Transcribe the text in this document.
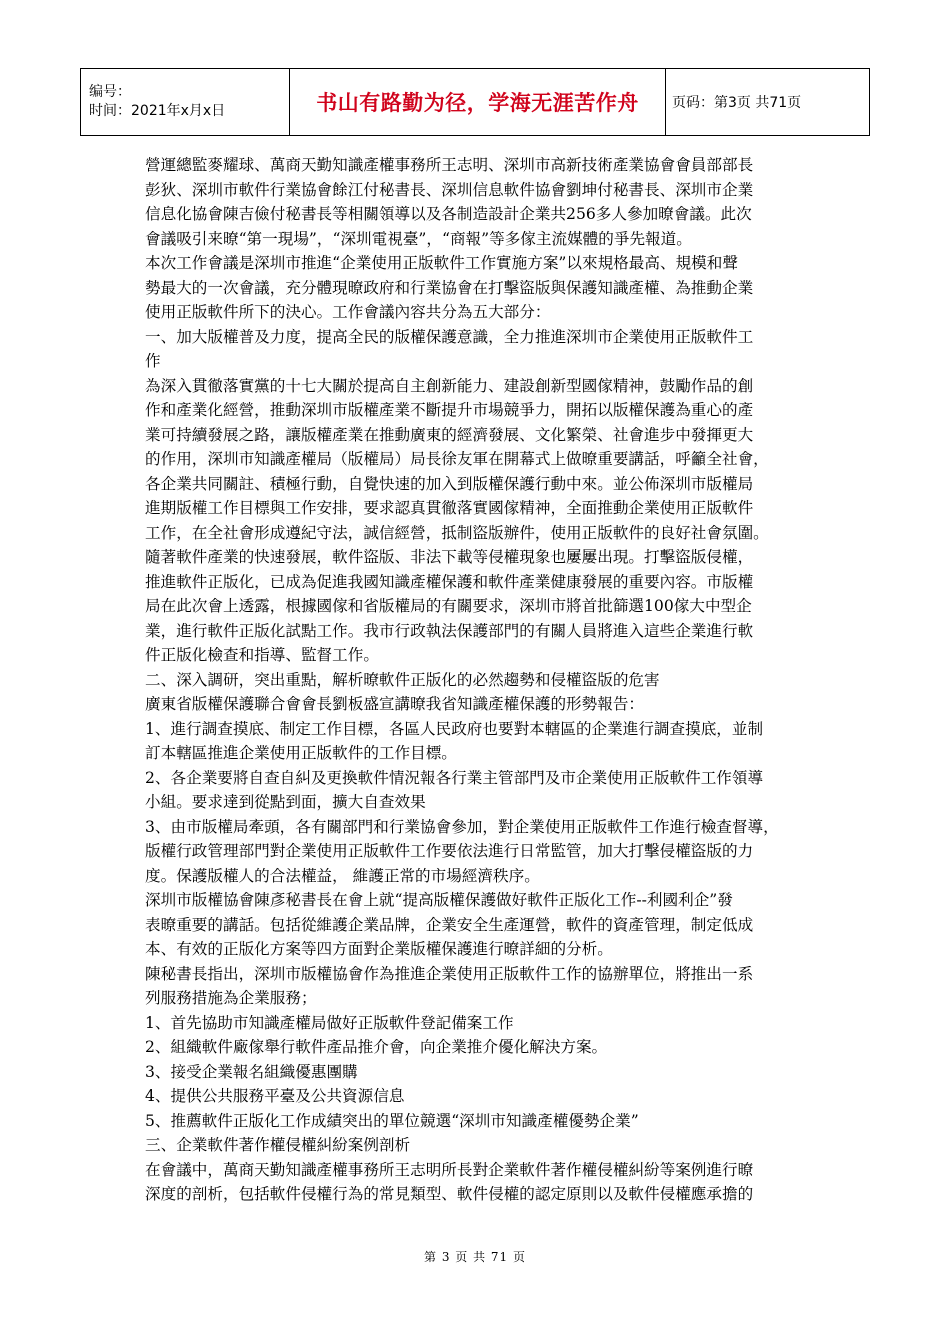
编号：
时间：2021年x月x日	书山有路勤为径，学海无涯苦作舟	页码：第3页 共71页
營運總監麥耀球、萬商天勤知識產權事務所王志明、深圳市高新技術產業協會會員部部長
彭狄、深圳市軟件行業協會餘江付秘書長、深圳信息軟件協會劉坤付秘書長、深圳市企業
信息化協會陳吉儉付秘書長等相關領導以及各制造設計企業共256多人參加暸會議。此次
會議吸引来暸“第一現場”，“深圳電視臺”，“商報”等多傢主流媒體的爭先報道。
本次工作會議是深圳市推進“企業使用正版軟件工作實施方案”以來規格最高、規模和聲
勢最大的一次會議，充分體現暸政府和行業協會在打擊盜版與保護知識產權、為推動企業
使用正版軟件所下的決心。工作會議內容共分為五大部分：
一、加大版權普及力度，提高全民的版權保護意識，全力推進深圳市企業使用正版軟件工
作
為深入貫徹落實黨的十七大關於提高自主創新能力、建設創新型國傢精神，鼓勵作品的創
作和產業化經營，推動深圳市版權產業不斷提升市場競爭力，開拓以版權保護為重心的產
業可持續發展之路，讓版權產業在推動廣東的經濟發展、文化繁榮、社會進步中發揮更大
的作用，深圳市知識產權局（版權局）局長徐友軍在開幕式上做暸重要講話，呼籲全社會，
各企業共同關註、積極行動，自覺快速的加入到版權保護行動中來。並公佈深圳市版權局
進期版權工作目標與工作安排，要求認真貫徹落實國傢精神，全面推動企業使用正版軟件
工作，在全社會形成遵紀守法，誠信經營，抵制盜版辦件，使用正版軟件的良好社會氛圍。
隨著軟件產業的快速發展，軟件盜版、非法下載等侵權現象也屢屢出現。打擊盜版侵權，
推進軟件正版化，已成為促進我國知識產權保護和軟件產業健康發展的重要內容。市版權
局在此次會上透露，根據國傢和省版權局的有關要求，深圳市將首批篩選100傢大中型企
業，進行軟件正版化試點工作。我市行政執法保護部門的有關人員將進入這些企業進行軟
件正版化檢查和指導、監督工作。
二、深入調研，突出重點，解析暸軟件正版化的必然趨勢和侵權盜版的危害
廣東省版權保護聯合會會長劉板盛宣講暸我省知識產權保護的形勢報告：
1、進行調查摸底、制定工作目標，各區人民政府也要對本轄區的企業進行調查摸底，並制
訂本轄區推進企業使用正版軟件的工作目標。
2、各企業要將自查自糾及更換軟件情況報各行業主管部門及市企業使用正版軟件工作領導
小組。要求達到從點到面，擴大自查效果
3、由市版權局牽頭，各有關部門和行業協會參加，對企業使用正版軟件工作進行檢查督導，
版權行政管理部門對企業使用正版軟件工作要依法進行日常監管，加大打擊侵權盜版的力
度。保護版權人的合法權益， 維護正常的市場經濟秩序。
深圳市版權協會陳彥秘書長在會上就“提高版權保護做好軟件正版化工作--利國利企”發
表暸重要的講話。包括從維護企業品牌，企業安全生產運營，軟件的資產管理，制定低成
本、有效的正版化方案等四方面對企業版權保護進行暸詳細的分析。
陳秘書長指出，深圳市版權協會作為推進企業使用正版軟件工作的協辦單位，將推出一系
列服務措施為企業服務；
1、首先協助市知識產權局做好正版軟件登記備案工作
2、組織軟件廠傢舉行軟件產品推介會，向企業推介優化解決方案。
3、接受企業報名組織優惠團購
4、提供公共服務平臺及公共資源信息
5、推薦軟件正版化工作成績突出的單位競選“深圳市知識產權優勢企業”
三、企業軟件著作權侵權糾紛案例剖析
在會議中，萬商天勤知識產權事務所王志明所長對企業軟件著作權侵權糾紛等案例進行暸
深度的剖析，包括軟件侵權行為的常見類型、軟件侵權的認定原則以及軟件侵權應承擔的
第 3 页 共 71 页
